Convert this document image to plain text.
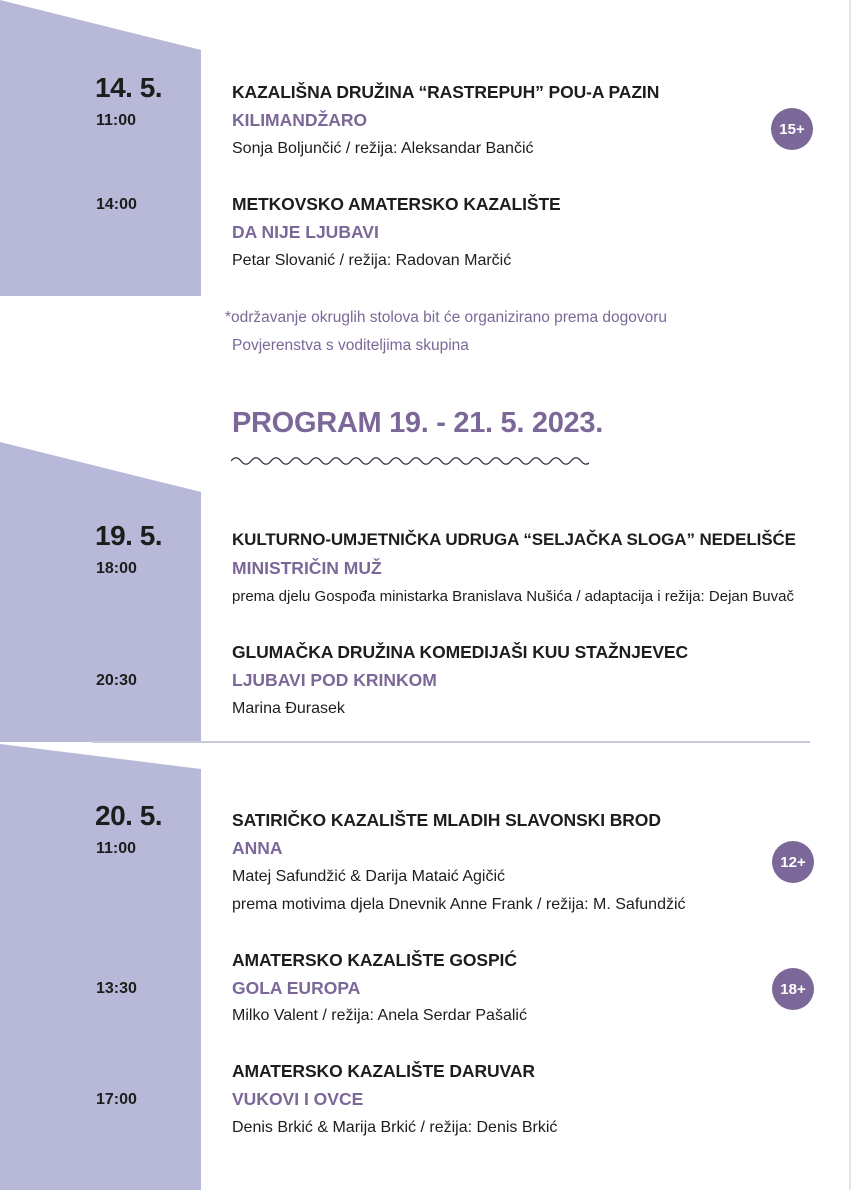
14. 5.
11:00
KAZALIŠNA DRUŽINA “RASTREPUH” POU-A PAZIN
KILIMANDŽARO
Sonja Boljunčić / režija: Aleksandar Bančić
15+
14:00	METKOVSKO AMATERSKO KAZALIŠTE
DA NIJE LJUBAVI
Petar Slovanić / režija: Radovan Marčić
*održavanje okruglih stolova bit će organizirano prema dogovoru
Povjerenstva s voditeljima skupina
PROGRAM 19. - 21. 5. 2023.
19. 5.
18:00
KULTURNO-UMJETNIČKA UDRUGA “SELJAČKA SLOGA” NEDELIŠĆE
MINISTRIČIN MUŽ
prema djelu Gospođa ministarka Branislava Nušića / adaptacija i režija: Dejan Buvač
20:30
GLUMAČKA DRUŽINA KOMEDIJAŠI KUU STAŽNJEVEC
LJUBAVI POD KRINKOM
Marina Đurasek
20. 5.
11:00
SATIRIČKO KAZALIŠTE MLADIH SLAVONSKI BROD
ANNA
Matej Safundžić & Darija Mataić Agičić
prema motivima djela Dnevnik Anne Frank / režija: M. Safundžić
12+
13:30
AMATERSKO KAZALIŠTE GOSPIĆ
GOLA EUROPA
Milko Valent / režija: Anela Serdar Pašalić
18+
17:00
AMATERSKO KAZALIŠTE DARUVAR
VUKOVI I OVCE
Denis Brkić & Marija Brkić / režija: Denis Brkić
